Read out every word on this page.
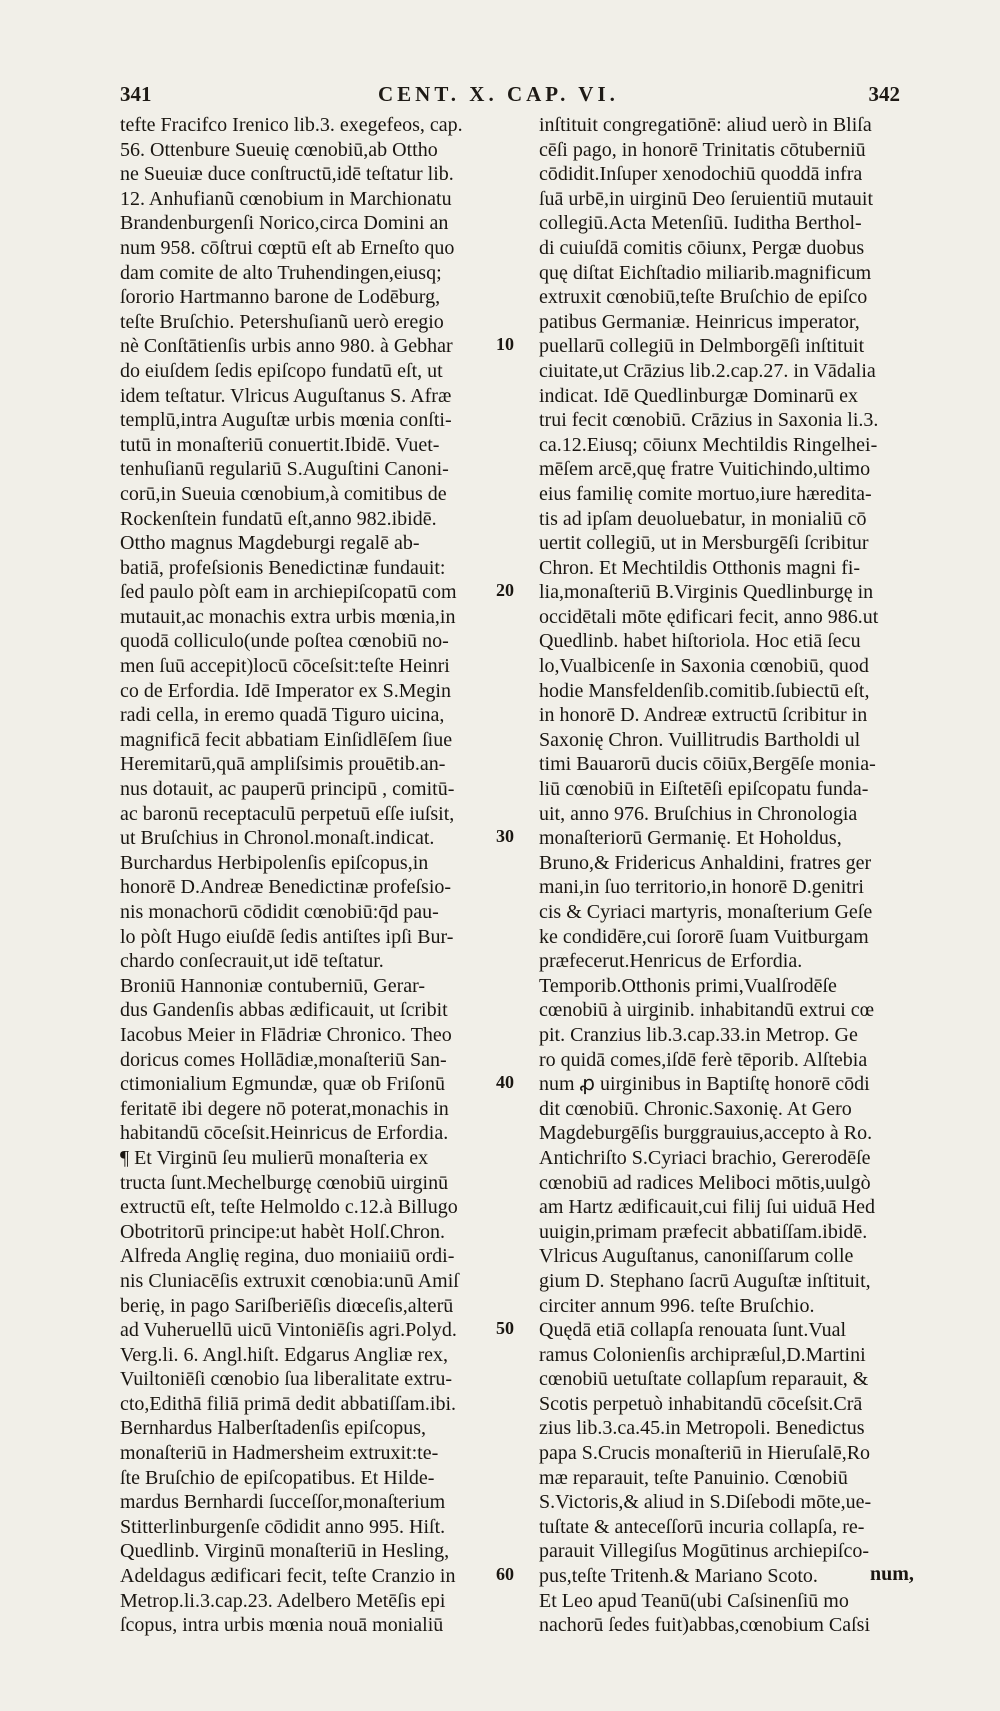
341	CENT. X. CAP. VI.	342
tefte Fracifco Irenico lib.3. exegefeos, cap.
56. Ottenbure Sueuię cœnobiū,ab Ottho
ne Sueuiæ duce conſtructū,idē teſtatur lib.
12. Anhufianũ cœnobium in Marchionatu
Brandenburgenſi Norico,circa Domini an
num 958. cōſtrui cœptū eſt ab Erneſto quo
dam comite de alto Truhendingen,eiusq;
ſororio Hartmanno barone de Lodēburg,
teſte Bruſchio. Petershuſianũ uerò eregio
nè Conſtātienſis urbis anno 980. à Gebhar
do eiuſdem ſedis epiſcopo fundatū eſt, ut
idem teſtatur. Vlricus Auguſtanus S. Afræ
templū,intra Auguſtæ urbis mœnia conſti-
tutū in monaſteriū conuertit.Ibidē. Vuet-
tenhuſianū regulariū S.Auguſtini Canoni-
corū,in Sueuia cœnobium,à comitibus de
Rockenſtein fundatū eſt,anno 982.ibidē.
Ottho magnus Magdeburgi regalē ab-
batiā, profeſsionis Benedictinæ fundauit:
ſed paulo pòſt eam in archiepiſcopatū com
mutauit,ac monachis extra urbis mœnia,in
quodā colliculo(unde poſtea cœnobiū no-
men ſuū accepit)locū cōceſsit:teſte Heinri
co de Erfordia. Idē Imperator ex S.Megin
radi cella, in eremo quadā Tiguro uicina,
magnificā fecit abbatiam Einſidlēſem ſiue
Heremitarū,quā ampliſsimis prouētib.an-
nus dotauit, ac pauperū principū , comitū-
ac baronū receptaculū perpetuū eſſe iuſsit,
ut Bruſchius in Chronol.monaſt.indicat.
Burchardus Herbipolenſis epiſcopus,in
honorē D.Andreæ Benedictinæ profeſsio-
nis monachorū cōdidit cœnobiū:q̄d pau-
lo pòſt Hugo eiuſdē ſedis antiſtes ipſi Bur-
chardo conſecrauit,ut idē teſtatur.
Broniū Hannoniæ contuberniū, Gerar-
dus Gandenſis abbas ædificauit, ut ſcribit
Iacobus Meier in Flādriæ Chronico. Theo
doricus comes Hollādiæ,monaſteriū San-
ctimonialium Egmundæ, quæ ob Friſonū
feritatē ibi degere nō poterat,monachis in
habitandū cōceſsit.Heinricus de Erfordia.
¶ Et Virginū ſeu mulierū monaſteria ex
tructa ſunt.Mechelburgę cœnobiū uirginū
extructū eſt, teſte Helmoldo c.12.à Billugo
Obotritorū principe:ut habèt Holſ.Chron.
Alfreda Anglię regina, duo moniaiiū ordi-
nis Cluniacēſis extruxit cœnobia:unū Amiſ
berię, in pago Sariſberiēſis diœceſis,alterū
ad Vuheruellū uicū Vintoniēſis agri.Polyd.
Verg.li. 6. Angl.hiſt. Edgarus Angliæ rex,
Vuiltoniēſi cœnobio ſua liberalitate extru-
cto,Edithā filiā primā dedit abbatiſſam.ibi.
Bernhardus Halberſtadenſis epiſcopus,
monaſteriū in Hadmersheim extruxit:te-
ſte Bruſchio de epiſcopatibus. Et Hilde-
mardus Bernhardi ſucceſſor,monaſterium
Stitterlinburgenſe cōdidit anno 995. Hiſt.
Quedlinb. Virginū monaſteriū in Hesling,
Adeldagus ædificari fecit, teſte Cranzio in
Metrop.li.3.cap.23. Adelbero Metēſis epi
ſcopus, intra urbis mœnia nouā monialiū
inſtituit congregatiōnē: aliud uerò in Bliſa
cēſi pago, in honorē Trinitatis cōtuberniū
cōdidit.Inſuper xenodochiū quoddā infra
ſuā urbē,in uirginū Deo ſeruientiū mutauit
collegiū.Acta Metenſiū. Iuditha Berthol-
di cuiuſdā comitis cōiunx, Pergæ duobus
quę diſtat Eichſtadio miliarib.magnificum
extruxit cœnobiū,teſte Bruſchio de epiſco
patibus Germaniæ. Heinricus imperator,
puellarū collegiū in Delmborgēſi inſtituit
ciuitate,ut Crāzius lib.2.cap.27. in Vādalia
indicat. Idē Quedlinburgæ Dominarū ex
trui fecit cœnobiū. Crāzius in Saxonia li.3.
ca.12.Eiusq; cōiunx Mechtildis Ringelhei-
mēſem arcē,quę fratre Vuitichindo,ultimo
eius familię comite mortuo,iure hæredita-
tis ad ipſam deuoluebatur, in monialiū cō
uertit collegiū, ut in Mersburgēſi ſcribitur
Chron. Et Mechtildis Otthonis magni fi-
lia,monaſteriū B.Virginis Quedlinburgę in
occidētali mōte ędificari fecit, anno 986.ut
Quedlinb. habet hiſtoriola. Hoc etiā ſecu
lo,Vualbicenſe in Saxonia cœnobiū, quod
hodie Mansfeldenſib.comitib.ſubiectū eſt,
in honorē D. Andreæ extructū ſcribitur in
Saxonię Chron. Vuillitrudis Bartholdi ul
timi Bauarorū ducis cōiūx,Bergēſe monia-
liū cœnobiū in Eiſtetēſi epiſcopatu funda-
uit, anno 976. Bruſchius in Chronologia
monaſteriorū Germanię. Et Hoholdus,
Bruno,& Fridericus Anhaldini, fratres ger
mani,in ſuo territorio,in honorē D.genitri
cis & Cyriaci martyris, monaſterium Geſe
ke condidēre,cui ſororē ſuam Vuitburgam
præfecerut.Henricus de Erfordia.
Temporib.Otthonis primi,Vualſrodēſe
cœnobiū à uirginib. inhabitandū extrui cœ
pit. Cranzius lib.3.cap.33.in Metrop. Ge
ro quidā comes,iſdē ferè tēporib. Alſtebia
num ꝓ uirginibus in Baptiſtę honorē cōdi
dit cœnobiū. Chronic.Saxonię. At Gero
Magdeburgēſis burggrauius,accepto à Ro.
Antichriſto S.Cyriaci brachio, Gererodēſe
cœnobiū ad radices Meliboci mōtis,uulgò
am Hartz ædificauit,cui filij ſui uiduā Hed
uuigin,primam præfecit abbatiſſam.ibidē.
Vlricus Auguſtanus, canoniſſarum colle
gium D. Stephano ſacrū Auguſtæ inſtituit,
circiter annum 996. teſte Bruſchio.
Quędā etiā collapſa renouata ſunt.Vual
ramus Colonienſis archipræſul,D.Martini
cœnobiū uetuſtate collapſum reparauit, &
Scotis perpetuò inhabitandū cōceſsit.Crā
zius lib.3.ca.45.in Metropoli. Benedictus
papa S.Crucis monaſteriū in Hieruſalē,Ro
mæ reparauit, teſte Panuinio. Cœnobiū
S.Victoris,& aliud in S.Diſebodi mōte,ue-
tuſtate & anteceſſorū incuria collapſa, re-
parauit Villegiſus Mogūtinus archiepiſco-
pus,teſte Tritenh.& Mariano Scoto.
Et Leo apud Teanū(ubi Caſsinenſiū mo
nachorū ſedes fuit)abbas,cœnobium Caſsi
10
20
30
40
50
60	num,
